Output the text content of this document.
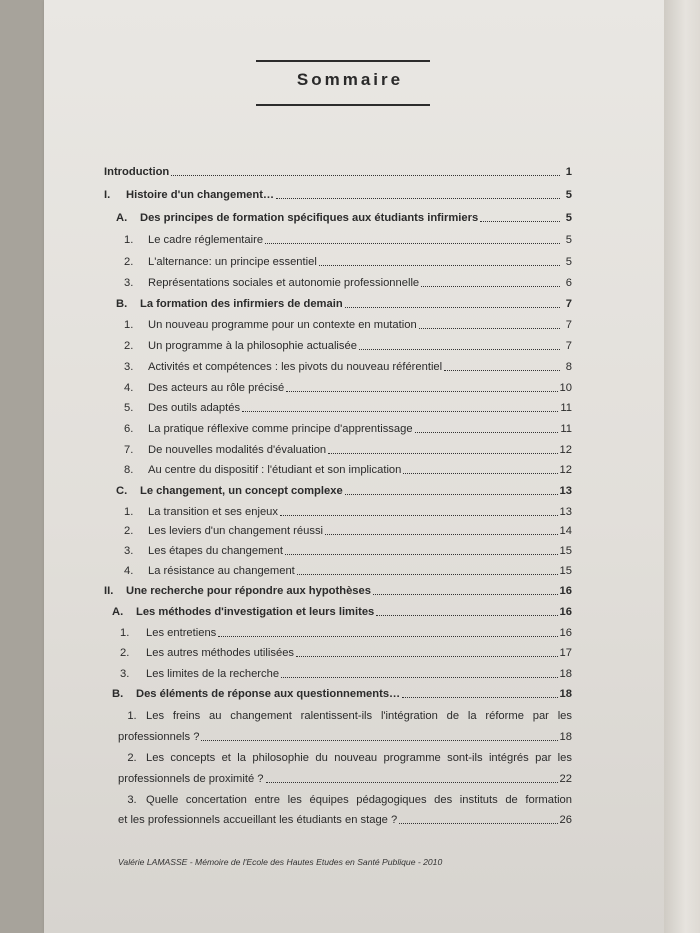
Sommaire
Introduction	1
I.	Histoire d'un changement…	5
A.	Des principes de formation spécifiques aux étudiants infirmiers	5
1.	Le cadre réglementaire	5
2.	L'alternance: un principe essentiel	5
3.	Représentations sociales et autonomie professionnelle	6
B.	La formation des infirmiers de demain	7
1.	Un nouveau programme pour un contexte en mutation	7
2.	Un programme à la philosophie actualisée	7
3.	Activités et compétences : les pivots du nouveau référentiel	8
4.	Des acteurs au rôle précisé	10
5.	Des outils adaptés	11
6.	La pratique réflexive comme principe d'apprentissage	11
7.	De nouvelles modalités d'évaluation	12
8.	Au centre du dispositif : l'étudiant et son implication	12
C.	Le changement, un concept complexe	13
1.	La transition et ses enjeux	13
2.	Les leviers d'un changement réussi	14
3.	Les étapes du changement	15
4.	La résistance au changement	15
II.	Une recherche pour répondre aux hypothèses	16
A.	Les méthodes d'investigation et leurs limites	16
1.	Les entretiens	16
2.	Les autres méthodes utilisées	17
3.	Les limites de la recherche	18
B.	Des éléments de réponse aux questionnements…	18
1. Les freins au changement ralentissent-ils l'intégration de la réforme par les
professionnels ?	18
2. Les concepts et la philosophie du nouveau programme sont-ils intégrés par les
professionnels de proximité ?	22
3. Quelle concertation entre les équipes pédagogiques des instituts de formation
et les professionnels accueillant les étudiants en stage ?	26
Valérie LAMASSE - Mémoire de l'Ecole des Hautes Etudes en Santé Publique - 2010
